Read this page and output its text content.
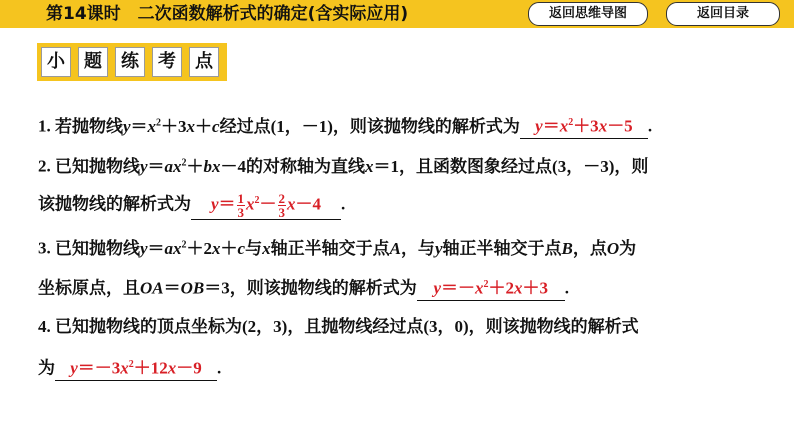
第14课时　二次函数解析式的确定(含实际应用)	返回思维导图	返回目录
小	题	练	考	点
1. 若抛物线$y=x^2+3x+c$经过点(1，－1)，则该抛物线的解析式为 $y=x^2+3x-5$ .
2. 已知抛物线$y=ax^2+bx-4$的对称轴为直线x＝1，且函数图象经过点(3，－3)，则
该抛物线的解析式为 $y= \frac{1}{3} x^2- \frac{2}{3} x-4$ .
3. 已知抛物线$y=ax^2+2x+c$与x轴正半轴交于点A，与y轴正半轴交于点B，点O为
坐标原点，且OA＝OB＝3，则该抛物线的解析式为 $y=-x^2+2x+3$ .
4. 已知抛物线的顶点坐标为(2，3)，且抛物线经过点(3，0)，则该抛物线的解析式
为 $y=-3x^2+12x-9$ .
